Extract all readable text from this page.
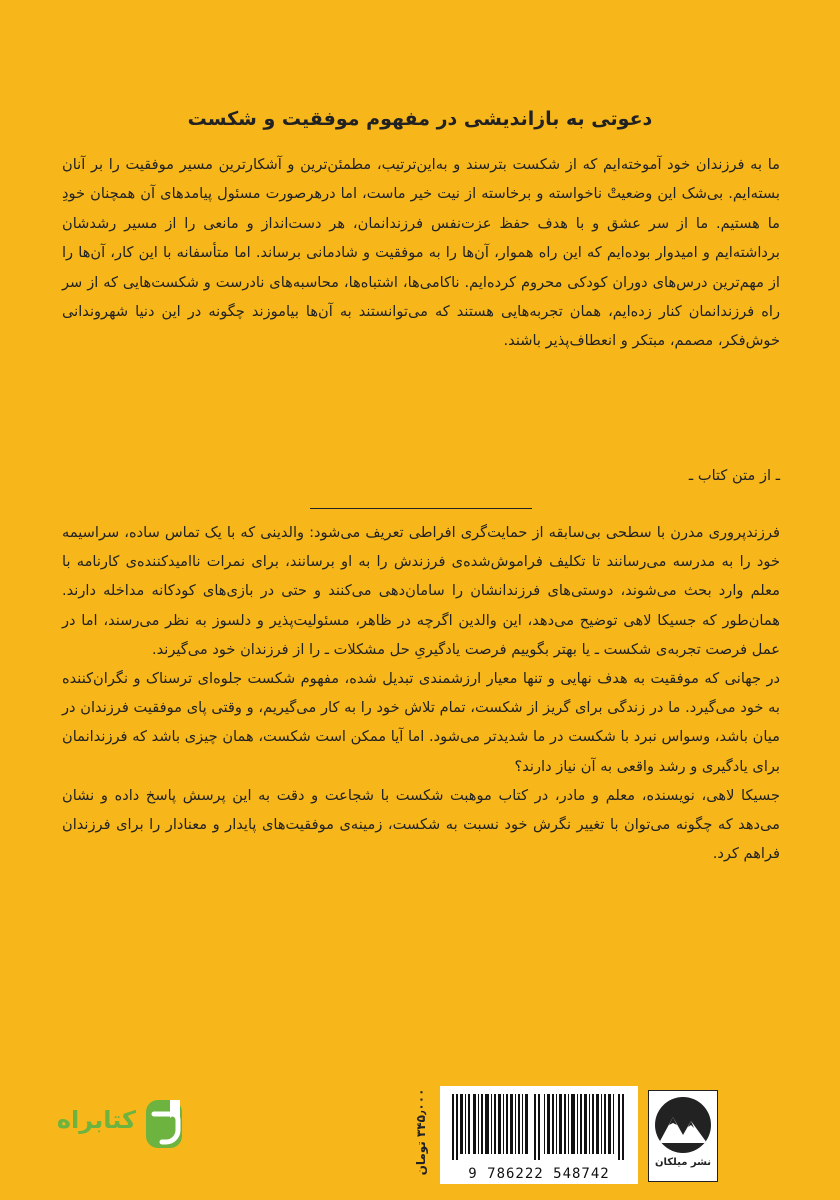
دعوتی به بازاندیشی در مفهوم موفقیت و شکست

ما به فرزندان خود آموخته‌ایم که از شکست بترسند و به‌این‌ترتیب، مطمئن‌ترین و آشکارترین مسیر موفقیت را بر آنان بسته‌ایم. بی‌شک این وضعیتْ ناخواسته و برخاسته از نیت خیر ماست، اما درهرصورت مسئول پیامدهای آن همچنان خودِ ما هستیم. ما از سر عشق و با هدف حفظ عزت‌نفس فرزندانمان، هر دست‌انداز و مانعی را از مسیر رشدشان برداشته‌ایم و امیدوار بوده‌ایم که این راه هموار، آن‌ها را به موفقیت و شادمانی برساند. اما متأسفانه با این کار، آن‌ها را از مهم‌ترین درس‌های دوران کودکی محروم کرده‌ایم. ناکامی‌ها، اشتباه‌ها، محاسبه‌های نادرست و شکست‌هایی که از سر راه فرزندانمان کنار زده‌ایم، همان تجربه‌هایی هستند که می‌توانستند به آن‌ها بیاموزند چگونه در این دنیا شهروندانی خوش‌فکر، مصمم، مبتکر و انعطاف‌پذیر باشند.

ـ از متن کتاب ـ

فرزندپروری مدرن با سطحی بی‌سابقه از حمایت‌گری افراطی تعریف می‌شود: والدینی که با یک تماس ساده، سراسیمه خود را به مدرسه می‌رسانند تا تکلیف فراموش‌شده‌ی فرزندش را به او برسانند، برای نمرات ناامیدکننده‌ی کارنامه با معلم وارد بحث می‌شوند، دوستی‌های فرزندانشان را سامان‌دهی می‌کنند و حتی در بازی‌های کودکانه مداخله دارند. همان‌طور که جسیکا لاهی توضیح می‌دهد، این والدین اگرچه در ظاهر، مسئولیت‌پذیر و دلسوز به نظر می‌رسند، اما در عمل فرصت تجربه‌ی شکست ـ یا بهتر بگوییم فرصت یادگیریِ حل مشکلات ـ را از فرزندان خود می‌گیرند.

در جهانی که موفقیت به هدف نهایی و تنها معیار ارزشمندی تبدیل شده، مفهوم شکست جلوه‌ای ترسناک و نگران‌کننده به خود می‌گیرد. ما در زندگی برای گریز از شکست، تمام تلاش خود را به کار می‌گیریم، و وقتی پای موفقیت فرزندان در میان باشد، وسواس نبرد با شکست در ما شدیدتر می‌شود. اما آیا ممکن است شکست، همان چیزی باشد که فرزندانمان برای یادگیری و رشد واقعی به آن نیاز دارند؟

جسیکا لاهی، نویسنده، معلم و مادر، در کتاب موهبت شکست با شجاعت و دقت به این پرسش پاسخ داده و نشان می‌دهد که چگونه می‌توان با تغییر نگرش خود نسبت به شکست، زمینه‌ی موفقیت‌های پایدار و معنادار را برای فرزندان فراهم کرد.

کتابراه
۳۴۵٫۰۰۰ تومان
9 786222 548742
نشر میلکان
